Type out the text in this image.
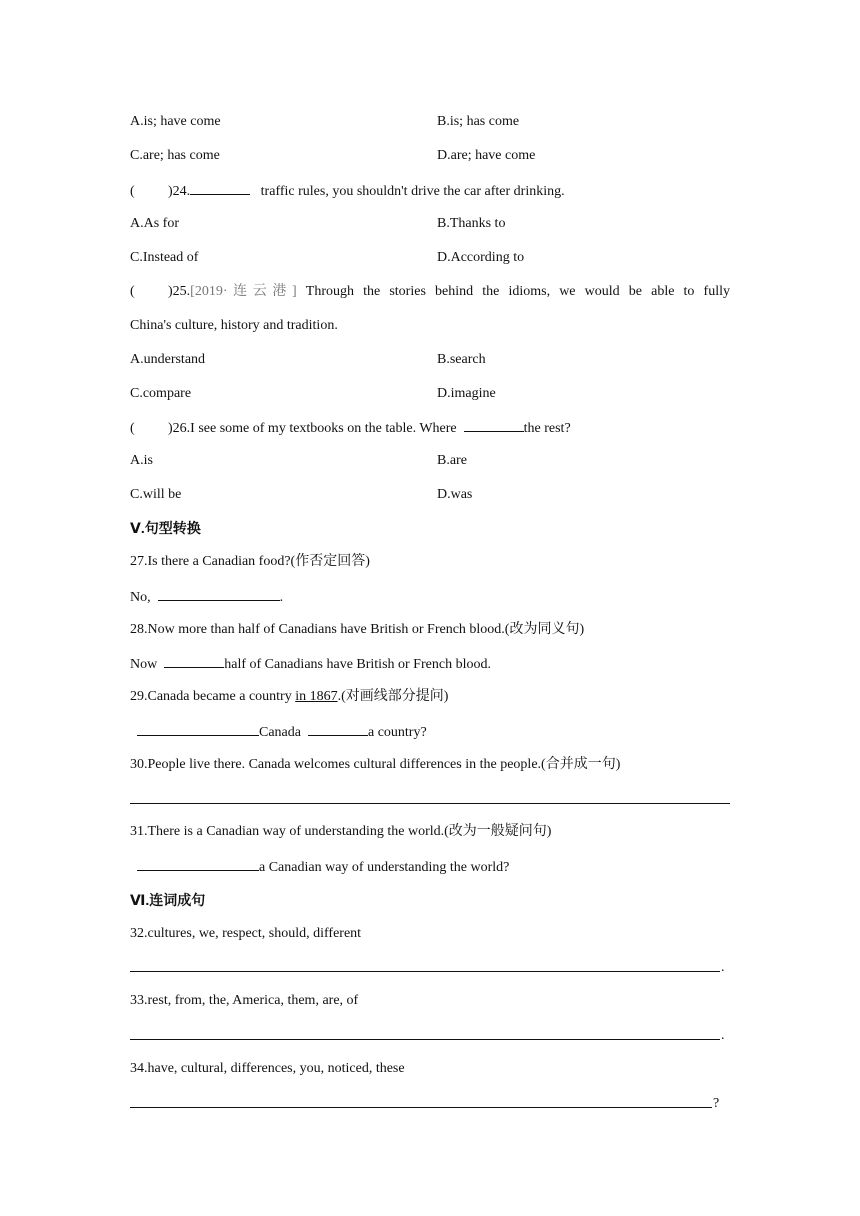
A.is; have come	B.is; has come
C.are; has come	D.are; have come
( )24.	traffic rules, you shouldn't drive the car after drinking.
A.As for	B.Thanks to
C.Instead of	D.According to
( )25.[2019·连云港] Through the stories behind the idioms, we would be able to fully
China's culture, history and tradition.
A.understand	B.search
C.compare	D.imagine
( )26.I see some of my textbooks on the table. Where	the rest?
A.is	B.are
C.will be	D.was
Ⅴ.句型转换
27.Is there a Canadian food?(作否定回答)
No,	.
28.Now more than half of Canadians have British or French blood.(改为同义句)
Now	half of Canadians have British or French blood.
29.Canada became a country in 1867.(对画线部分提问)
Canada	a country?
30.People live there. Canada welcomes cultural differences in the people.(合并成一句)
31.There is a Canadian way of understanding the world.(改为一般疑问句)
a Canadian way of understanding the world?
Ⅵ.连词成句
32.cultures, we, respect, should, different
.
33.rest, from, the, America, them, are, of
.
34.have, cultural, differences, you, noticed, these
?
